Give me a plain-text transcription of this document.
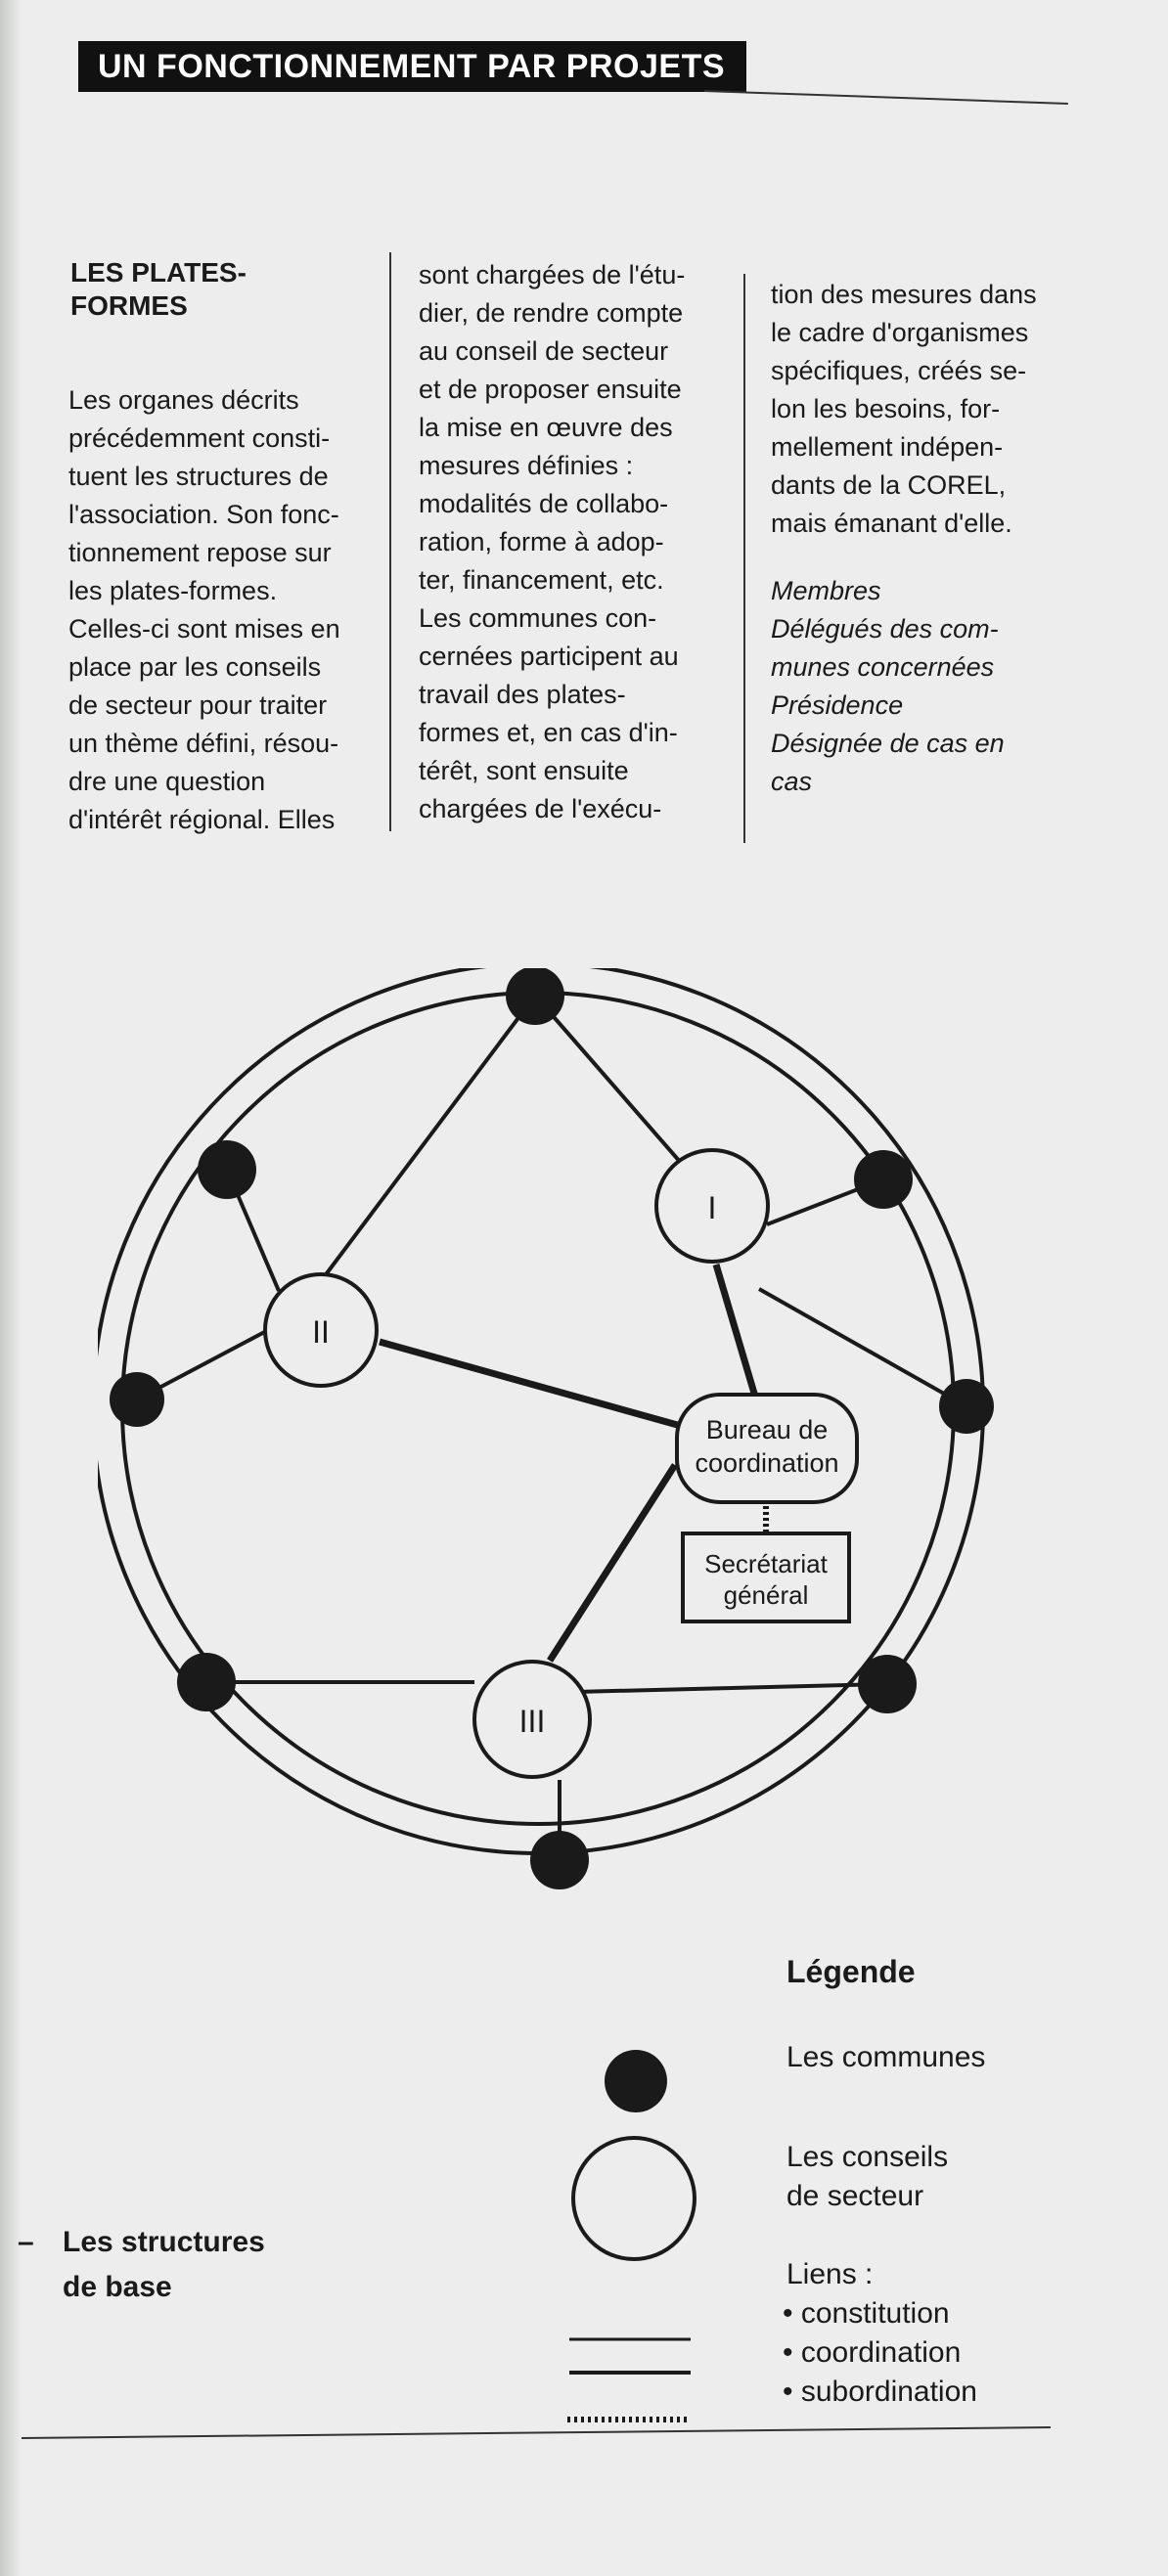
UN FONCTIONNEMENT PAR PROJETS
LES PLATES-
FORMES
Les organes décrits
précédemment consti-
tuent les structures de
l'association. Son fonc-
tionnement repose sur
les plates-formes.
Celles-ci sont mises en
place par les conseils
de secteur pour traiter
un thème défini, résou-
dre une question
d'intérêt régional. Elles
sont chargées de l'étu-
dier, de rendre compte
au conseil de secteur
et de proposer ensuite
la mise en œuvre des
mesures définies :
modalités de collabo-
ration, forme à adop-
ter, financement, etc.
Les communes con-
cernées participent au
travail des plates-
formes et, en cas d'in-
térêt, sont ensuite
chargées de l'exécu-
tion des mesures dans
le cadre d'organismes
spécifiques, créés se-
lon les besoins, for-
mellement indépen-
dants de la COREL,
mais émanant d'elle.
Membres
Délégués des com-
munes concernées
Présidence
Désignée de cas en
cas
I
II
III
Bureau de
coordination
Secrétariat
général
Légende
Les communes
Les conseils
de secteur
Liens :
• constitution
• coordination
• subordination
– Les structures
de base
